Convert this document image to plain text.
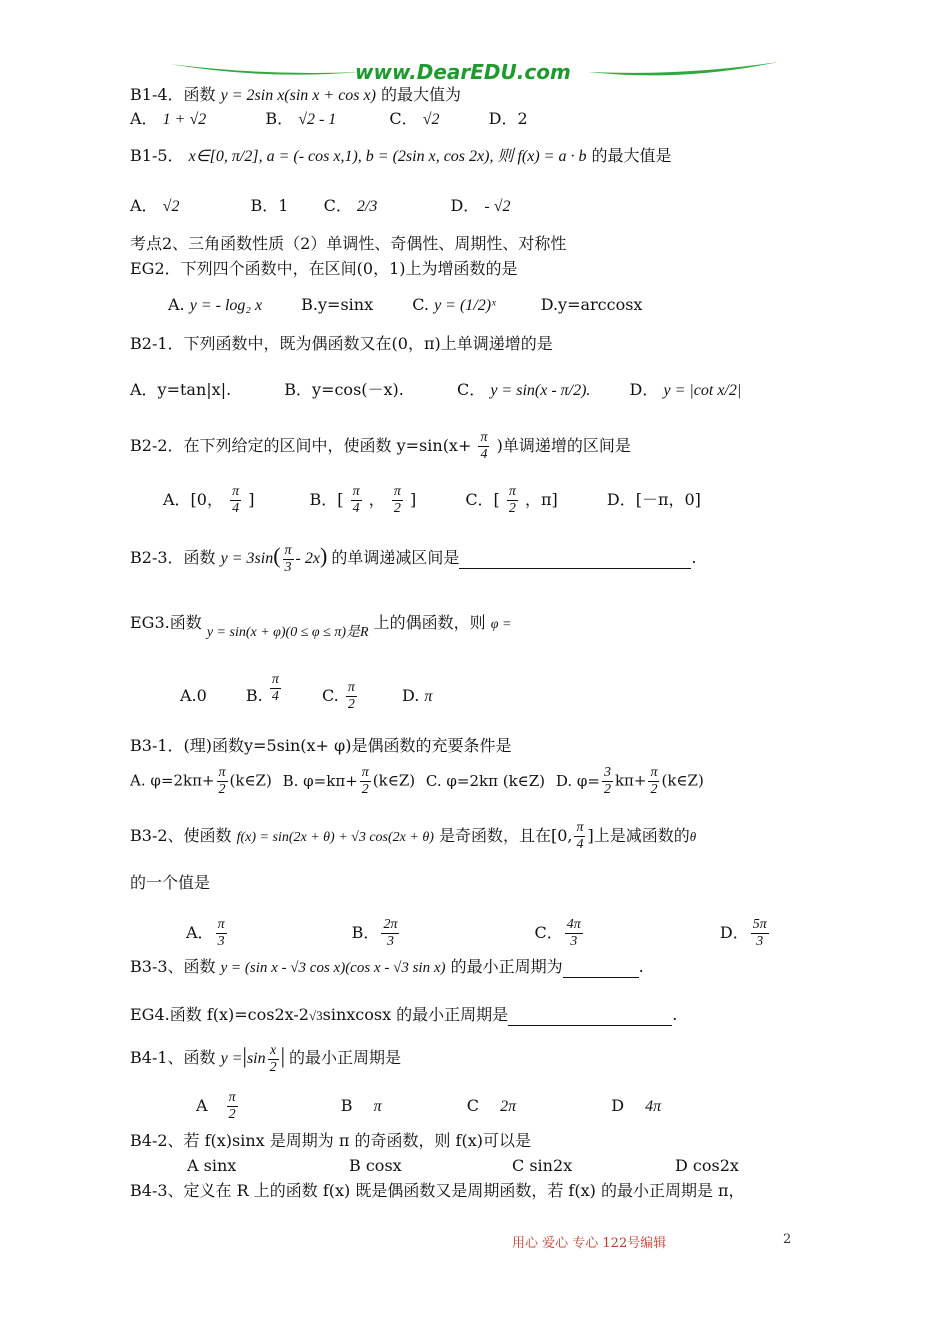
www.DearEDU.com
B1-4．函数 y = 2sin x(sin x + cos x) 的最大值为
A． 1 + √2	B． √2 - 1	C． √2	D．2
B1-5． x∈[0, π/2], a = (- cos x,1), b = (2sin x, cos 2x), 则 f(x) = a · b 的最大值是
A． √2	B．1 C． 2/3	D． - √2
考点2、三角函数性质（2）单调性、奇偶性、周期性、对称性
EG2．下列四个函数中，在区间(0，1)上为增函数的是
A. y = - log₂ x B.y=sinx C. y = (1/2)ˣ	D.y=arccosx
B2-1．下列函数中，既为偶函数又在(0，π)上单调递增的是
A．y=tan|x|.	B．y=cos(－x).	C． y = sin(x - π/2). D． y = |cot x/2|
B2-2．在下列给定的区间中，使函数 $y=\sin(x+ \frac{\pi}{4}$ )单调递增的区间是
A．[0， $\frac{\pi}{4}$ ]	B．[ $\frac{\pi}{4}$ ， $\frac{\pi}{2}$ ]	C．[ $\frac{\pi}{2}$ ，π]	D．[－π，0]
B2-3．函数 $y = 3\sin( \frac{\pi}{3} - 2x)$ 的单调递减区间是	.
EG3.函数 y = sin(x + φ)(0 ≤ φ ≤ π)是R 上的偶函数，则 φ =
A.0 B. $\frac{\pi}{4}$	C. $\frac{\pi}{2}$	D. π
B3-1．(理)函数y=5sin(x+ φ)是偶函数的充要条件是
A. $\varphi=2k\pi+ \frac{\pi}{2}$ (k∈Z) B. $\varphi=k\pi+ \frac{\pi}{2}$ (k∈Z) C. φ=2kπ (k∈Z) D. $\varphi= \frac{3}{2} k\pi+ \frac{\pi}{2}$ (k∈Z)
B3-2、使函数 f(x) = sin(2x + θ) + √3 cos(2x + θ) 是奇函数，且在[0, $\frac{\pi}{4}$ ]上是减函数的θ
的一个值是
A． $\frac{\pi}{3}$	B． $\frac{2\pi}{3}$	C． $\frac{4\pi}{3}$	D． $\frac{5\pi}{3}$
B3-3、函数 y = (sin x - √3 cos x)(cos x - √3 sin x) 的最小正周期为	.
EG4.函数 f(x)=cos2x-2√3sinxcosx 的最小正周期是	.
B4-1、函数 $y =|\sin \frac{x}{2}$ | 的最小正周期是
A $\frac{\pi}{2}$	B π	C 2π	D 4π
B4-2、若 f(x)sinx 是周期为 π 的奇函数，则 f(x)可以是
A sinx	B cosx	C sin2x	D cos2x
B4-3、定义在 R 上的函数 f(x) 既是偶函数又是周期函数，若 f(x) 的最小正周期是 π，
用心 爱心 专心 122号编辑	2
